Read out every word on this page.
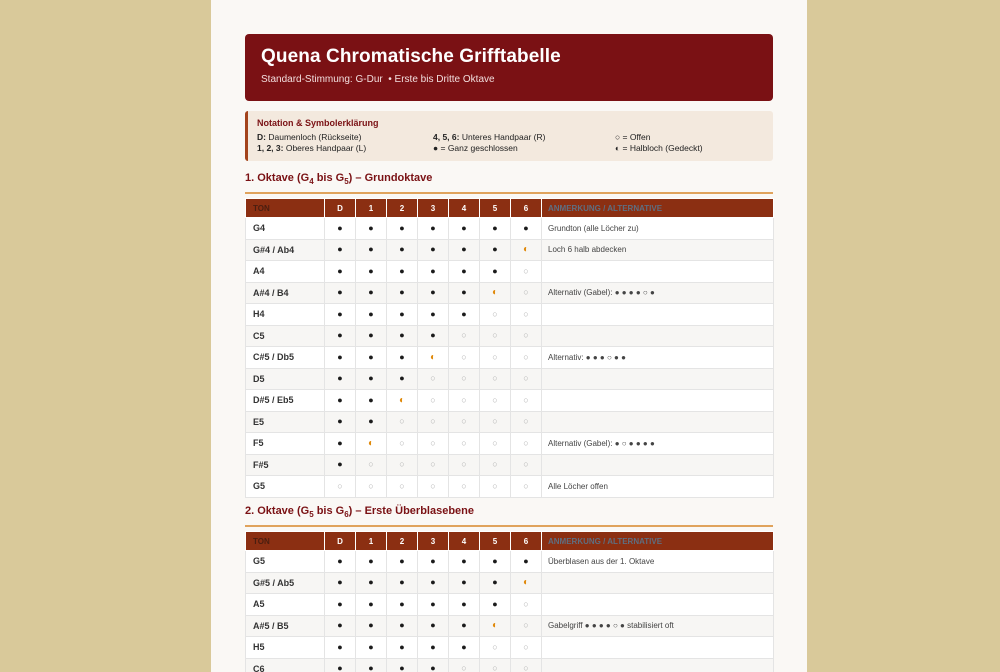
Quena Chromatische Grifftabelle
Standard-Stimmung: G-Dur  • Erste bis Dritte Oktave
Notation & Symbolerklärung
D: Daumenloch (Rückseite)
1, 2, 3: Oberes Handpaar (L)
4, 5, 6: Unteres Handpaar (R)
● = Ganz geschlossen
○ = Offen
◐ = Halbloch (Gedeckt)
1. Oktave ($G_4$ bis $G_5$) – Grundoktave
TON	D	1	2	3	4	5	6	ANMERKUNG / ALTERNATIVE
G4	●	●	●	●	●	●	●	Grundton (alle Löcher zu)
G#4 / Ab4	●	●	●	●	●	●	◐	Loch 6 halb abdecken
A4	●	●	●	●	●	●	○	
A#4 / B4	●	●	●	●	●	◐	○	Alternativ (Gabel): ● ● ● ● ○ ●
H4	●	●	●	●	●	○	○	
C5	●	●	●	●	○	○	○	
C#5 / Db5	●	●	●	◐	○	○	○	Alternativ: ● ● ● ○ ● ●
D5	●	●	●	○	○	○	○	
D#5 / Eb5	●	●	◐	○	○	○	○	
E5	●	●	○	○	○	○	○	
F5	●	◐	○	○	○	○	○	Alternativ (Gabel): ● ○ ● ● ● ●
F#5	●	○	○	○	○	○	○	
G5	○	○	○	○	○	○	○	Alle Löcher offen
2. Oktave ($G_5$ bis $G_6$) – Erste Überblasebene
TON	D	1	2	3	4	5	6	ANMERKUNG / ALTERNATIVE
G5	●	●	●	●	●	●	●	Überblasen aus der 1. Oktave
G#5 / Ab5	●	●	●	●	●	●	◐	
A5	●	●	●	●	●	●	○	
A#5 / B5	●	●	●	●	●	◐	○	Gabelgriff ● ● ● ● ○ ● stabilisiert oft
H5	●	●	●	●	●	○	○	
C6	●	●	●	●	○	○	○	
